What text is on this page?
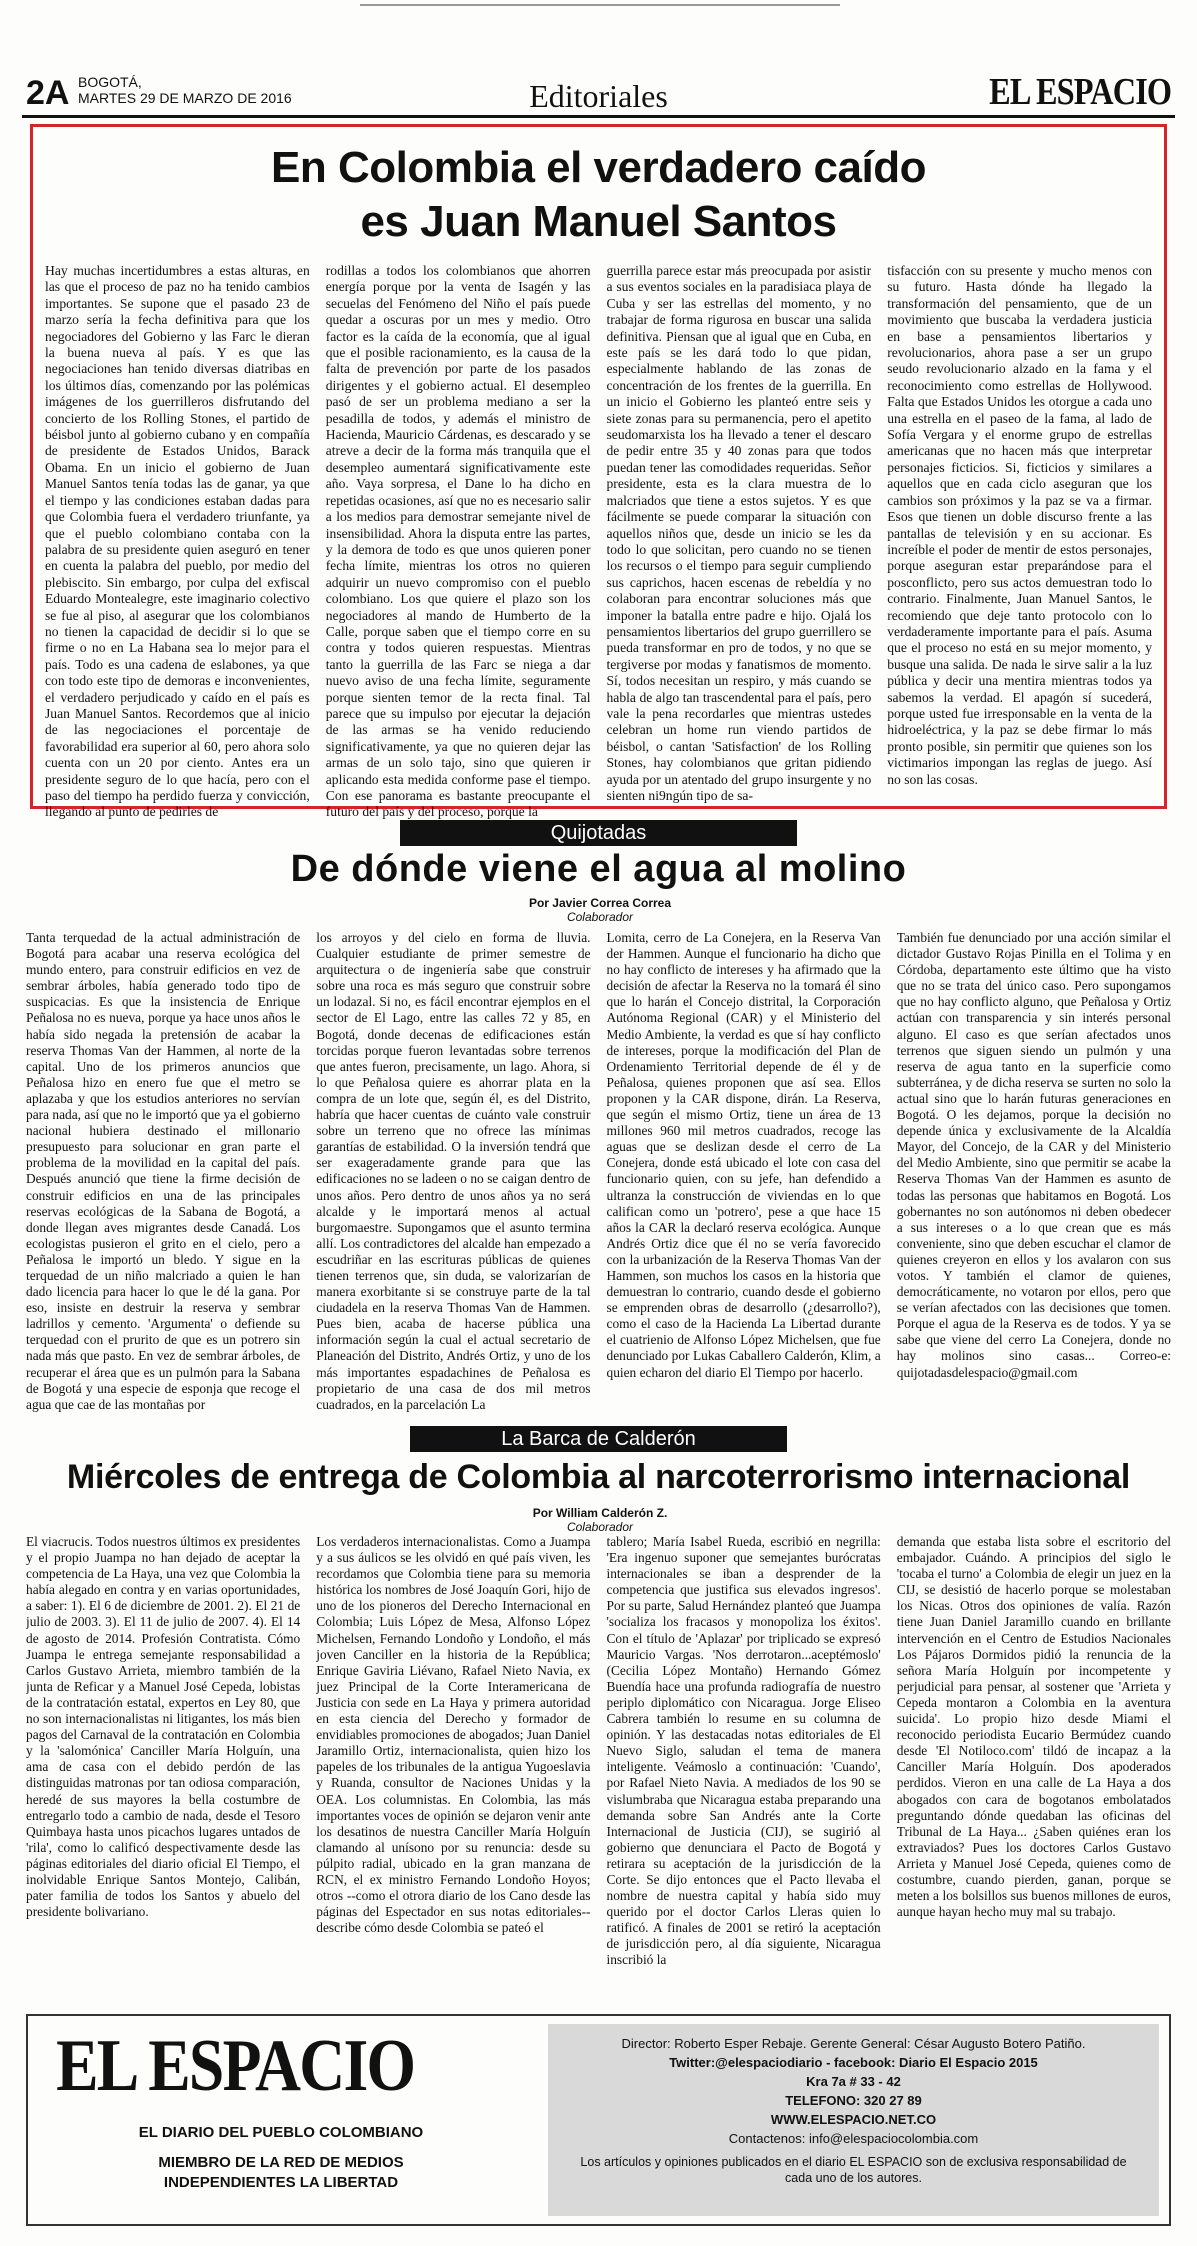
2A BOGOTÁ,
MARTES 29 DE MARZO DE 2016	Editoriales	EL ESPACIO
En Colombia el verdadero caído
es Juan Manuel Santos
Hay muchas incertidumbres a estas alturas, en las que el proceso de paz no ha tenido cambios importantes. Se supone que el pasado 23 de marzo sería la fecha definitiva para que los negociadores del Gobierno y las Farc le dieran la buena nueva al país. Y es que las negociaciones han tenido diversas diatribas en los últimos días, comenzando por las polémicas imágenes de los guerrilleros disfrutando del concierto de los Rolling Stones, el partido de béisbol junto al gobierno cubano y en compañía de presidente de Estados Unidos, Barack Obama. En un inicio el gobierno de Juan Manuel Santos tenía todas las de ganar, ya que el tiempo y las condiciones estaban dadas para que Colombia fuera el verdadero triunfante, ya que el pueblo colombiano contaba con la palabra de su presidente quien aseguró en tener en cuenta la palabra del pueblo, por medio del plebiscito. Sin embargo, por culpa del exfiscal Eduardo Montealegre, este imaginario colectivo se fue al piso, al asegurar que los colombianos no tienen la capacidad de decidir si lo que se firme o no en La Habana sea lo mejor para el país. Todo es una cadena de eslabones, ya que con todo este tipo de demoras e inconvenientes, el verdadero perjudicado y caído en el país es Juan Manuel Santos. Recordemos que al inicio de las negociaciones el porcentaje de favorabilidad era superior al 60, pero ahora solo cuenta con un 20 por ciento. Antes era un presidente seguro de lo que hacía, pero con el paso del tiempo ha perdido fuerza y convicción, llegando al punto de pedirles de
rodillas a todos los colombianos que ahorren energía porque por la venta de Isagén y las secuelas del Fenómeno del Niño el país puede quedar a oscuras por un mes y medio. Otro factor es la caída de la economía, que al igual que el posible racionamiento, es la causa de la falta de prevención por parte de los pasados dirigentes y el gobierno actual. El desempleo pasó de ser un problema mediano a ser la pesadilla de todos, y además el ministro de Hacienda, Mauricio Cárdenas, es descarado y se atreve a decir de la forma más tranquila que el desempleo aumentará significativamente este año. Vaya sorpresa, el Dane lo ha dicho en repetidas ocasiones, así que no es necesario salir a los medios para demostrar semejante nivel de insensibilidad. Ahora la disputa entre las partes, y la demora de todo es que unos quieren poner fecha límite, mientras los otros no quieren adquirir un nuevo compromiso con el pueblo colombiano. Los que quiere el plazo son los negociadores al mando de Humberto de la Calle, porque saben que el tiempo corre en su contra y todos quieren respuestas. Mientras tanto la guerrilla de las Farc se niega a dar nuevo aviso de una fecha límite, seguramente porque sienten temor de la recta final. Tal parece que su impulso por ejecutar la dejación de las armas se ha venido reduciendo significativamente, ya que no quieren dejar las armas de un solo tajo, sino que quieren ir aplicando esta medida conforme pase el tiempo. Con ese panorama es bastante preocupante el futuro del país y del proceso, porque la
guerrilla parece estar más preocupada por asistir a sus eventos sociales en la paradisiaca playa de Cuba y ser las estrellas del momento, y no trabajar de forma rigurosa en buscar una salida definitiva. Piensan que al igual que en Cuba, en este país se les dará todo lo que pidan, especialmente hablando de las zonas de concentración de los frentes de la guerrilla. En un inicio el Gobierno les planteó entre seis y siete zonas para su permanencia, pero el apetito seudomarxista los ha llevado a tener el descaro de pedir entre 35 y 40 zonas para que todos puedan tener las comodidades requeridas. Señor presidente, esta es la clara muestra de lo malcriados que tiene a estos sujetos. Y es que fácilmente se puede comparar la situación con aquellos niños que, desde un inicio se les da todo lo que solicitan, pero cuando no se tienen los recursos o el tiempo para seguir cumpliendo sus caprichos, hacen escenas de rebeldía y no colaboran para encontrar soluciones más que imponer la batalla entre padre e hijo. Ojalá los pensamientos libertarios del grupo guerrillero se pueda transformar en pro de todos, y no que se tergiverse por modas y fanatismos de momento. Sí, todos necesitan un respiro, y más cuando se habla de algo tan trascendental para el país, pero vale la pena recordarles que mientras ustedes celebran un home run viendo partidos de béisbol, o cantan 'Satisfaction' de los Rolling Stones, hay colombianos que gritan pidiendo ayuda por un atentado del grupo insurgente y no sienten ni9ngún tipo de sa-
tisfacción con su presente y mucho menos con su futuro. Hasta dónde ha llegado la transformación del pensamiento, que de un movimiento que buscaba la verdadera justicia en base a pensamientos libertarios y revolucionarios, ahora pase a ser un grupo seudo revolucionario alzado en la fama y el reconocimiento como estrellas de Hollywood. Falta que Estados Unidos les otorgue a cada uno una estrella en el paseo de la fama, al lado de Sofía Vergara y el enorme grupo de estrellas americanas que no hacen más que interpretar personajes ficticios. Si, ficticios y similares a aquellos que en cada ciclo aseguran que los cambios son próximos y la paz se va a firmar. Esos que tienen un doble discurso frente a las pantallas de televisión y en su accionar. Es increíble el poder de mentir de estos personajes, porque aseguran estar preparándose para el posconflicto, pero sus actos demuestran todo lo contrario. Finalmente, Juan Manuel Santos, le recomiendo que deje tanto protocolo con lo verdaderamente importante para el país. Asuma que el proceso no está en su mejor momento, y busque una salida. De nada le sirve salir a la luz pública y decir una mentira mientras todos ya sabemos la verdad. El apagón sí sucederá, porque usted fue irresponsable en la venta de la hidroeléctrica, y la paz se debe firmar lo más pronto posible, sin permitir que quienes son los victimarios impongan las reglas de juego. Así no son las cosas.
Quijotadas
De dónde viene el agua al molino
Por Javier Correa Correa
Colaborador
Tanta terquedad de la actual administración de Bogotá para acabar una reserva ecológica del mundo entero, para construir edificios en vez de sembrar árboles, había generado todo tipo de suspicacias. Es que la insistencia de Enrique Peñalosa no es nueva, porque ya hace unos años le había sido negada la pretensión de acabar la reserva Thomas Van der Hammen, al norte de la capital. Uno de los primeros anuncios que Peñalosa hizo en enero fue que el metro se aplazaba y que los estudios anteriores no servían para nada, así que no le importó que ya el gobierno nacional hubiera destinado el millonario presupuesto para solucionar en gran parte el problema de la movilidad en la capital del país. Después anunció que tiene la firme decisión de construir edificios en una de las principales reservas ecológicas de la Sabana de Bogotá, a donde llegan aves migrantes desde Canadá. Los ecologistas pusieron el grito en el cielo, pero a Peñalosa le importó un bledo. Y sigue en la terquedad de un niño malcriado a quien le han dado licencia para hacer lo que le dé la gana. Por eso, insiste en destruir la reserva y sembrar ladrillos y cemento. 'Argumenta' o defiende su terquedad con el prurito de que es un potrero sin nada más que pasto. En vez de sembrar árboles, de recuperar el área que es un pulmón para la Sabana de Bogotá y una especie de esponja que recoge el agua que cae de las montañas por
los arroyos y del cielo en forma de lluvia. Cualquier estudiante de primer semestre de arquitectura o de ingeniería sabe que construir sobre una roca es más seguro que construir sobre un lodazal. Si no, es fácil encontrar ejemplos en el sector de El Lago, entre las calles 72 y 85, en Bogotá, donde decenas de edificaciones están torcidas porque fueron levantadas sobre terrenos que antes fueron, precisamente, un lago. Ahora, si lo que Peñalosa quiere es ahorrar plata en la compra de un lote que, según él, es del Distrito, habría que hacer cuentas de cuánto vale construir sobre un terreno que no ofrece las mínimas garantías de estabilidad. O la inversión tendrá que ser exageradamente grande para que las edificaciones no se ladeen o no se caigan dentro de unos años. Pero dentro de unos años ya no será alcalde y le importará menos al actual burgomaestre. Supongamos que el asunto termina allí. Los contradictores del alcalde han empezado a escudriñar en las escrituras públicas de quienes tienen terrenos que, sin duda, se valorizarían de manera exorbitante si se construye parte de la tal ciudadela en la reserva Thomas Van de Hammen. Pues bien, acaba de hacerse pública una información según la cual el actual secretario de Planeación del Distrito, Andrés Ortiz, y uno de los más importantes espadachines de Peñalosa es propietario de una casa de dos mil metros cuadrados, en la parcelación La
Lomita, cerro de La Conejera, en la Reserva Van der Hammen. Aunque el funcionario ha dicho que no hay conflicto de intereses y ha afirmado que la decisión de afectar la Reserva no la tomará él sino que lo harán el Concejo distrital, la Corporación Autónoma Regional (CAR) y el Ministerio del Medio Ambiente, la verdad es que sí hay conflicto de intereses, porque la modificación del Plan de Ordenamiento Territorial depende de él y de Peñalosa, quienes proponen que así sea. Ellos proponen y la CAR dispone, dirán. La Reserva, que según el mismo Ortiz, tiene un área de 13 millones 960 mil metros cuadrados, recoge las aguas que se deslizan desde el cerro de La Conejera, donde está ubicado el lote con casa del funcionario quien, con su jefe, han defendido a ultranza la construcción de viviendas en lo que califican como un 'potrero', pese a que hace 15 años la CAR la declaró reserva ecológica. Aunque Andrés Ortiz dice que él no se vería favorecido con la urbanización de la Reserva Thomas Van der Hammen, son muchos los casos en la historia que demuestran lo contrario, cuando desde el gobierno se emprenden obras de desarrollo (¿desarrollo?), como el caso de la Hacienda La Libertad durante el cuatrienio de Alfonso López Michelsen, que fue denunciado por Lukas Caballero Calderón, Klim, a quien echaron del diario El Tiempo por hacerlo.
También fue denunciado por una acción similar el dictador Gustavo Rojas Pinilla en el Tolima y en Córdoba, departamento este último que ha visto que no se trata del único caso. Pero supongamos que no hay conflicto alguno, que Peñalosa y Ortiz actúan con transparencia y sin interés personal alguno. El caso es que serían afectados unos terrenos que siguen siendo un pulmón y una reserva de agua tanto en la superficie como subterránea, y de dicha reserva se surten no solo la actual sino que lo harán futuras generaciones en Bogotá. O les dejamos, porque la decisión no depende única y exclusivamente de la Alcaldía Mayor, del Concejo, de la CAR y del Ministerio del Medio Ambiente, sino que permitir se acabe la Reserva Thomas Van der Hammen es asunto de todas las personas que habitamos en Bogotá. Los gobernantes no son autónomos ni deben obedecer a sus intereses o a lo que crean que es más conveniente, sino que deben escuchar el clamor de quienes creyeron en ellos y los avalaron con sus votos. Y también el clamor de quienes, democráticamente, no votaron por ellos, pero que se verían afectados con las decisiones que tomen. Porque el agua de la Reserva es de todos. Y ya se sabe que viene del cerro La Conejera, donde no hay molinos sino casas... Correo-e: quijotadasdelespacio@gmail.com
La Barca de Calderón
Miércoles de entrega de Colombia al narcoterrorismo internacional
Por William Calderón Z.
Colaborador
El viacrucis. Todos nuestros últimos ex presidentes y el propio Juampa no han dejado de aceptar la competencia de La Haya, una vez que Colombia la había alegado en contra y en varias oportunidades, a saber: 1). El 6 de diciembre de 2001. 2). El 21 de julio de 2003. 3). El 11 de julio de 2007. 4). El 14 de agosto de 2014. Profesión Contratista. Cómo Juampa le entrega semejante responsabilidad a Carlos Gustavo Arrieta, miembro también de la junta de Reficar y a Manuel José Cepeda, lobistas de la contratación estatal, expertos en Ley 80, que no son internacionalistas ni litigantes, los más bien pagos del Carnaval de la contratación en Colombia y la 'salomónica' Canciller María Holguín, una ama de casa con el debido perdón de las distinguidas matronas por tan odiosa comparación, heredé de sus mayores la bella costumbre de entregarlo todo a cambio de nada, desde el Tesoro Quimbaya hasta unos picachos lugares untados de 'rila', como lo calificó despectivamente desde las páginas editoriales del diario oficial El Tiempo, el inolvidable Enrique Santos Montejo, Calibán, pater familia de todos los Santos y abuelo del presidente bolivariano.
Los verdaderos internacionalistas. Como a Juampa y a sus áulicos se les olvidó en qué país viven, les recordamos que Colombia tiene para su memoria histórica los nombres de José Joaquín Gori, hijo de uno de los pioneros del Derecho Internacional en Colombia; Luis López de Mesa, Alfonso López Michelsen, Fernando Londoño y Londoño, el más joven Canciller en la historia de la República; Enrique Gaviria Liévano, Rafael Nieto Navia, ex juez Principal de la Corte Interamericana de Justicia con sede en La Haya y primera autoridad en esta ciencia del Derecho y formador de envidiables promociones de abogados; Juan Daniel Jaramillo Ortiz, internacionalista, quien hizo los papeles de los tribunales de la antigua Yugoeslavia y Ruanda, consultor de Naciones Unidas y la OEA. Los columnistas. En Colombia, las más importantes voces de opinión se dejaron venir ante los desatinos de nuestra Canciller María Holguín clamando al unísono por su renuncia: desde su púlpito radial, ubicado en la gran manzana de RCN, el ex ministro Fernando Londoño Hoyos; otros --como el otrora diario de los Cano desde las páginas del Espectador en sus notas editoriales-- describe cómo desde Colombia se pateó el
tablero; María Isabel Rueda, escribió en negrilla: 'Era ingenuo suponer que semejantes burócratas internacionales se iban a desprender de la competencia que justifica sus elevados ingresos'. Por su parte, Salud Hernández planteó que Juampa 'socializa los fracasos y monopoliza los éxitos'. Con el título de 'Aplazar' por triplicado se expresó Mauricio Vargas. 'Nos derrotaron...aceptémoslo' (Cecilia López Montaño) Hernando Gómez Buendía hace una profunda radiografía de nuestro periplo diplomático con Nicaragua. Jorge Eliseo Cabrera también lo resume en su columna de opinión. Y las destacadas notas editoriales de El Nuevo Siglo, saludan el tema de manera inteligente. Veámoslo a continuación: 'Cuando', por Rafael Nieto Navia. A mediados de los 90 se vislumbraba que Nicaragua estaba preparando una demanda sobre San Andrés ante la Corte Internacional de Justicia (CIJ), se sugirió al gobierno que denunciara el Pacto de Bogotá y retirara su aceptación de la jurisdicción de la Corte. Se dijo entonces que el Pacto llevaba el nombre de nuestra capital y había sido muy querido por el doctor Carlos Lleras quien lo ratificó. A finales de 2001 se retiró la aceptación de jurisdicción pero, al día siguiente, Nicaragua inscribió la
demanda que estaba lista sobre el escritorio del embajador. Cuándo. A principios del siglo le 'tocaba el turno' a Colombia de elegir un juez en la CIJ, se desistió de hacerlo porque se molestaban los Nicas. Otros dos opiniones de valía. Razón tiene Juan Daniel Jaramillo cuando en brillante intervención en el Centro de Estudios Nacionales Los Pájaros Dormidos pidió la renuncia de la señora María Holguín por incompetente y perjudicial para pensar, al sostener que 'Arrieta y Cepeda montaron a Colombia en la aventura suicida'. Lo propio hizo desde Miami el reconocido periodista Eucario Bermúdez cuando desde 'El Notiloco.com' tildó de incapaz a la Canciller María Holguín. Dos apoderados perdidos. Vieron en una calle de La Haya a dos abogados con cara de bogotanos embolatados preguntando dónde quedaban las oficinas del Tribunal de La Haya... ¿Saben quiénes eran los extraviados? Pues los doctores Carlos Gustavo Arrieta y Manuel José Cepeda, quienes como de costumbre, cuando pierden, ganan, porque se meten a los bolsillos sus buenos millones de euros, aunque hayan hecho muy mal su trabajo.
EL ESPACIO
EL DIARIO DEL PUEBLO COLOMBIANO
MIEMBRO DE LA RED DE MEDIOS
INDEPENDIENTES LA LIBERTAD
Director: Roberto Esper Rebaje. Gerente General: César Augusto Botero Patiño.
Twitter:@elespaciodiario - facebook: Diario El Espacio 2015
Kra 7a # 33 - 42
TELEFONO: 320 27 89
WWW.ELESPACIO.NET.CO
Contactenos: info@elespaciocolombia.com
Los artículos y opiniones publicados en el diario EL ESPACIO son de exclusiva responsabilidad de cada uno de los autores.
